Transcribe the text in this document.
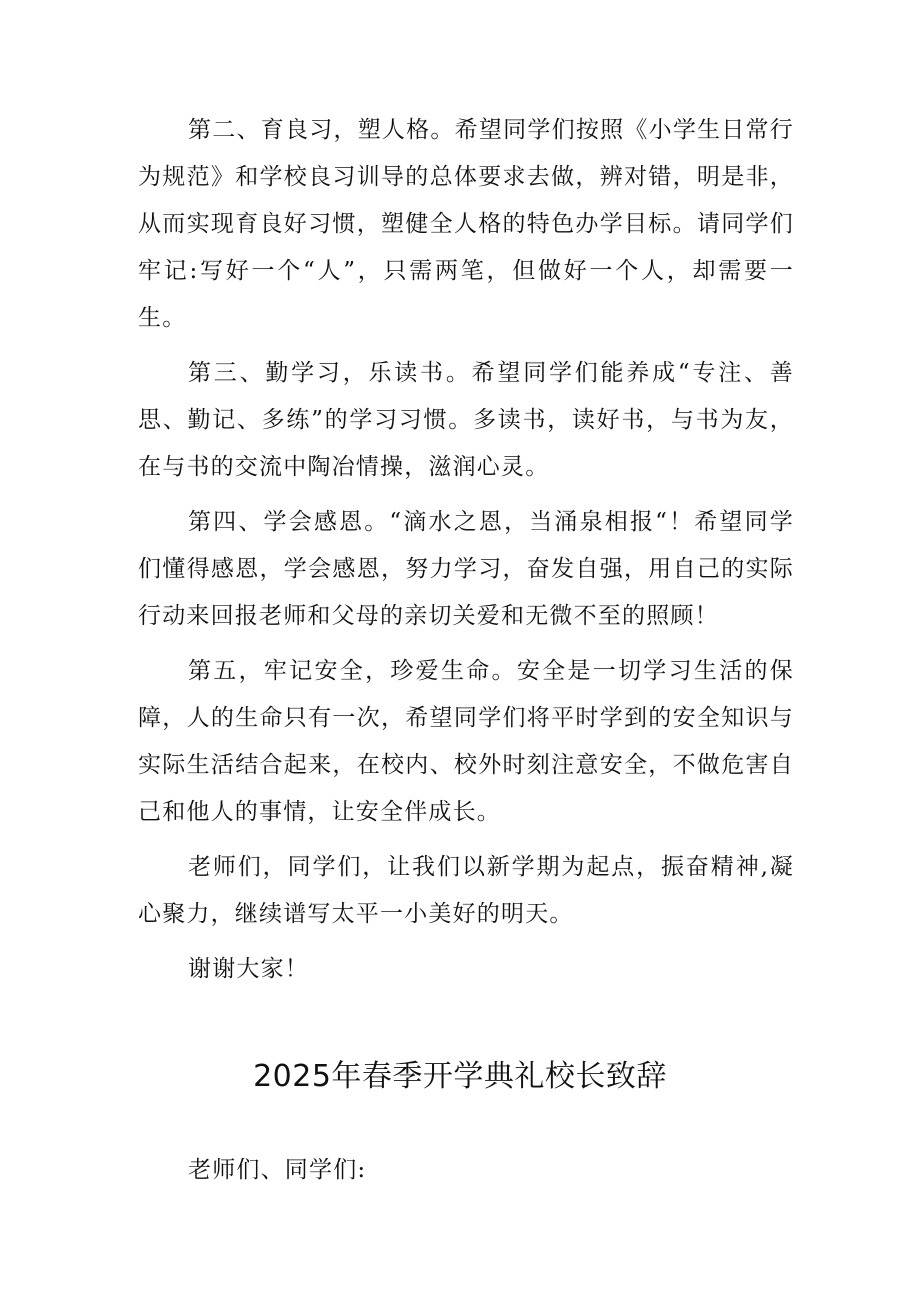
第二、育良习，塑人格。希望同学们按照《小学生日常行为规范》和学校良习训导的总体要求去做，辨对错，明是非，从而实现育良好习惯，塑健全人格的特色办学目标。请同学们牢记:写好一个“人”，只需两笔，但做好一个人，却需要一生。

第三、勤学习，乐读书。希望同学们能养成“专注、善思、勤记、多练”的学习习惯。多读书，读好书，与书为友，在与书的交流中陶冶情操，滋润心灵。

第四、学会感恩。“滴水之恩，当涌泉相报“！希望同学们懂得感恩，学会感恩，努力学习，奋发自强，用自己的实际行动来回报老师和父母的亲切关爱和无微不至的照顾！

第五，牢记安全，珍爱生命。安全是一切学习生活的保障，人的生命只有一次，希望同学们将平时学到的安全知识与实际生活结合起来，在校内、校外时刻注意安全，不做危害自己和他人的事情，让安全伴成长。

老师们，同学们，让我们以新学期为起点，振奋精神,凝心聚力，继续谱写太平一小美好的明天。

谢谢大家！

2025年春季开学典礼校长致辞

老师们、同学们:
